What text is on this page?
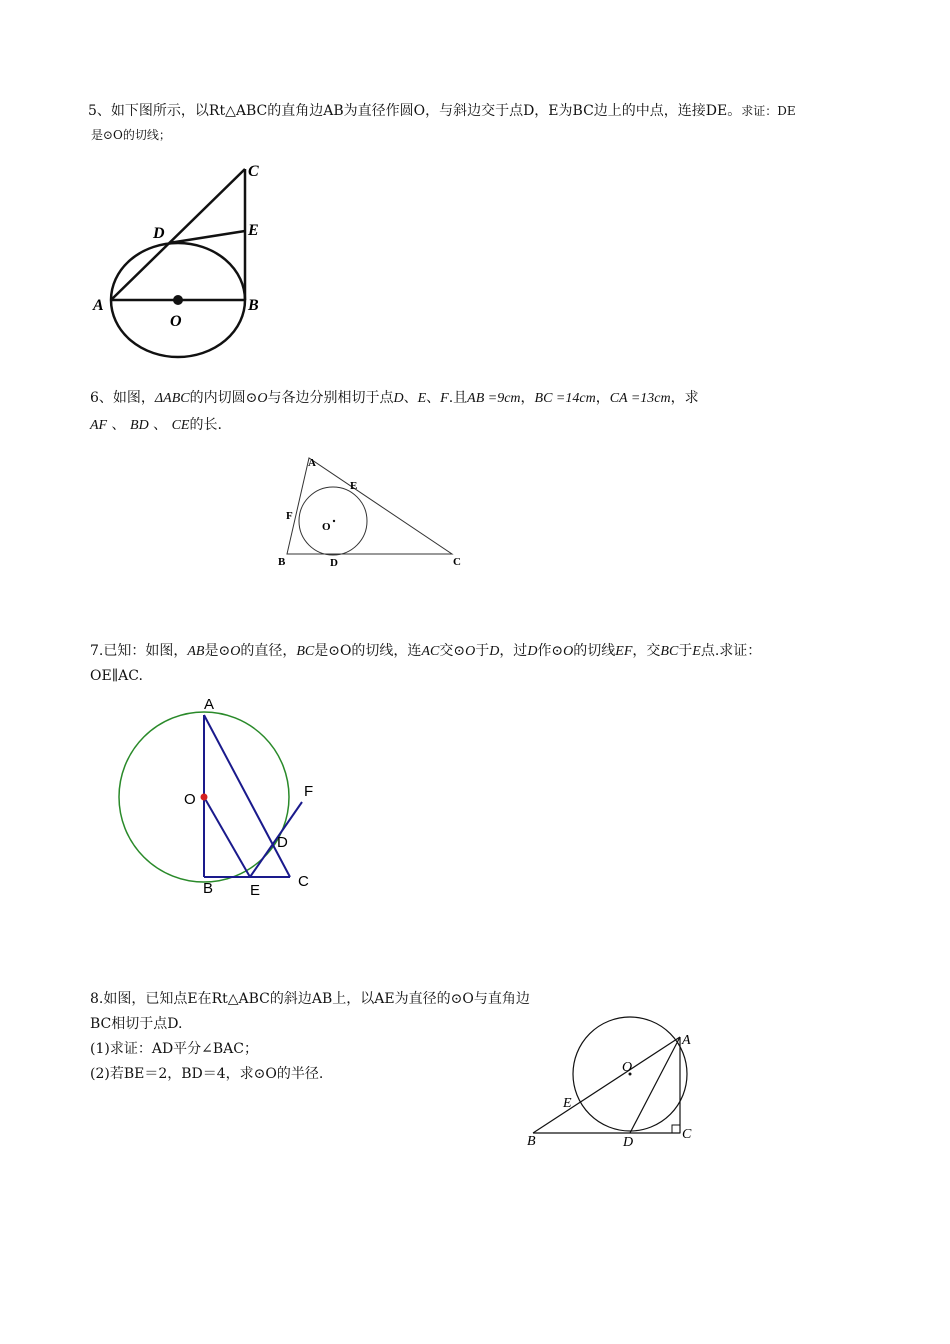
5、如下图所示，以Rt△ABC的直角边AB为直径作圆O，与斜边交于点D，E为BC边上的中点，连接DE。求证：DE

是⊙O的切线；

C
E
D
A	B
O

6、如图，ΔABC的内切圆⊙O与各边分别相切于点D、E、F.且AB =9cm，BC =14cm，CA =13cm，求

AF 、 BD 、 CE的长.

A
E
F
O
B	D	C

7.已知：如图，AB是⊙O的直径，BC是⊙O的切线，连AC交⊙O于D，过D作⊙O的切线EF，交BC于E点.求证：

OE∥AC.

A
O	F
D
B E
C

8.如图，已知点E在Rt△ABC的斜边AB上，以AE为直径的⊙O与直角边

BC相切于点D.

(1)求证：AD平分∠BAC；

(2)若BE＝2，BD＝4，求⊙O的半径.

A
O
E
B	D
C
